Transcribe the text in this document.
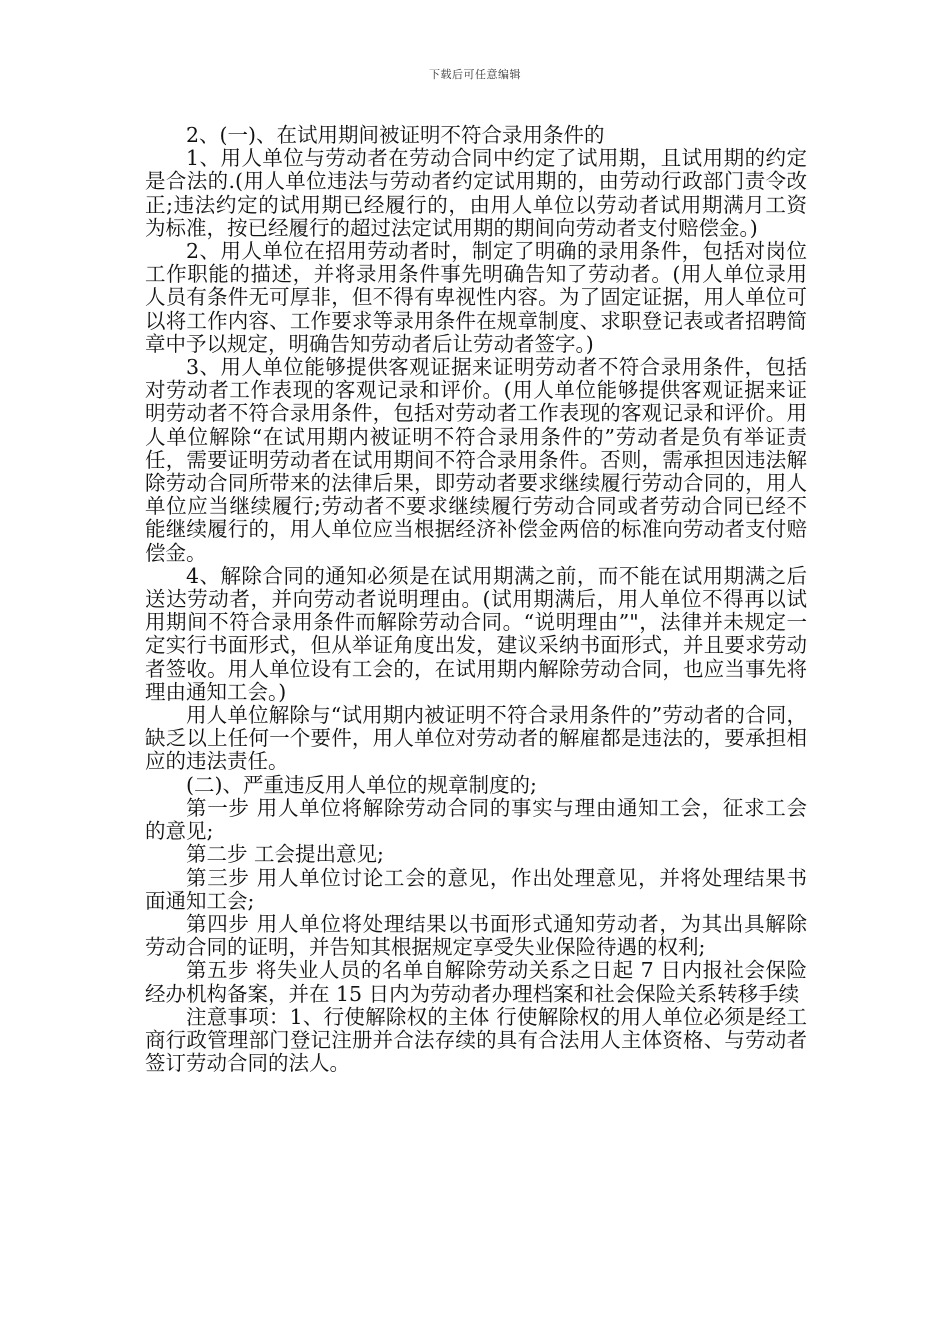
下载后可任意编辑

2、(一)、在试用期间被证明不符合录用条件的

1、用人单位与劳动者在劳动合同中约定了试用期，且试用期的约定是合法的.(用人单位违法与劳动者约定试用期的，由劳动行政部门责令改正;违法约定的试用期已经履行的，由用人单位以劳动者试用期满月工资为标准，按已经履行的超过法定试用期的期间向劳动者支付赔偿金。)

2、用人单位在招用劳动者时，制定了明确的录用条件，包括对岗位工作职能的描述，并将录用条件事先明确告知了劳动者。(用人单位录用人员有条件无可厚非，但不得有卑视性内容。为了固定证据，用人单位可以将工作内容、工作要求等录用条件在规章制度、求职登记表或者招聘简章中予以规定，明确告知劳动者后让劳动者签字。)

3、用人单位能够提供客观证据来证明劳动者不符合录用条件，包括对劳动者工作表现的客观记录和评价。(用人单位能够提供客观证据来证明劳动者不符合录用条件，包括对劳动者工作表现的客观记录和评价。用人单位解除“在试用期内被证明不符合录用条件的”劳动者是负有举证责任，需要证明劳动者在试用期间不符合录用条件。否则，需承担因违法解除劳动合同所带来的法律后果，即劳动者要求继续履行劳动合同的，用人单位应当继续履行;劳动者不要求继续履行劳动合同或者劳动合同已经不能继续履行的，用人单位应当根据经济补偿金两倍的标准向劳动者支付赔偿金。

4、解除合同的通知必须是在试用期满之前，而不能在试用期满之后送达劳动者，并向劳动者说明理由。(试用期满后，用人单位不得再以试用期间不符合录用条件而解除劳动合同。“说明理由”"，法律并未规定一定实行书面形式，但从举证角度出发，建议采纳书面形式，并且要求劳动者签收。用人单位设有工会的，在试用期内解除劳动合同，也应当事先将理由通知工会。)

用人单位解除与“试用期内被证明不符合录用条件的”劳动者的合同，缺乏以上任何一个要件，用人单位对劳动者的解雇都是违法的，要承担相应的违法责任。

(二)、严重违反用人单位的规章制度的;

第一步 用人单位将解除劳动合同的事实与理由通知工会，征求工会的意见;

第二步 工会提出意见;

第三步 用人单位讨论工会的意见，作出处理意见，并将处理结果书面通知工会;

第四步 用人单位将处理结果以书面形式通知劳动者，为其出具解除劳动合同的证明，并告知其根据规定享受失业保险待遇的权利;

第五步 将失业人员的名单自解除劳动关系之日起 7 日内报社会保险经办机构备案，并在 15 日内为劳动者办理档案和社会保险关系转移手续

注意事项：1、行使解除权的主体 行使解除权的用人单位必须是经工商行政管理部门登记注册并合法存续的具有合法用人主体资格、与劳动者签订劳动合同的法人。
